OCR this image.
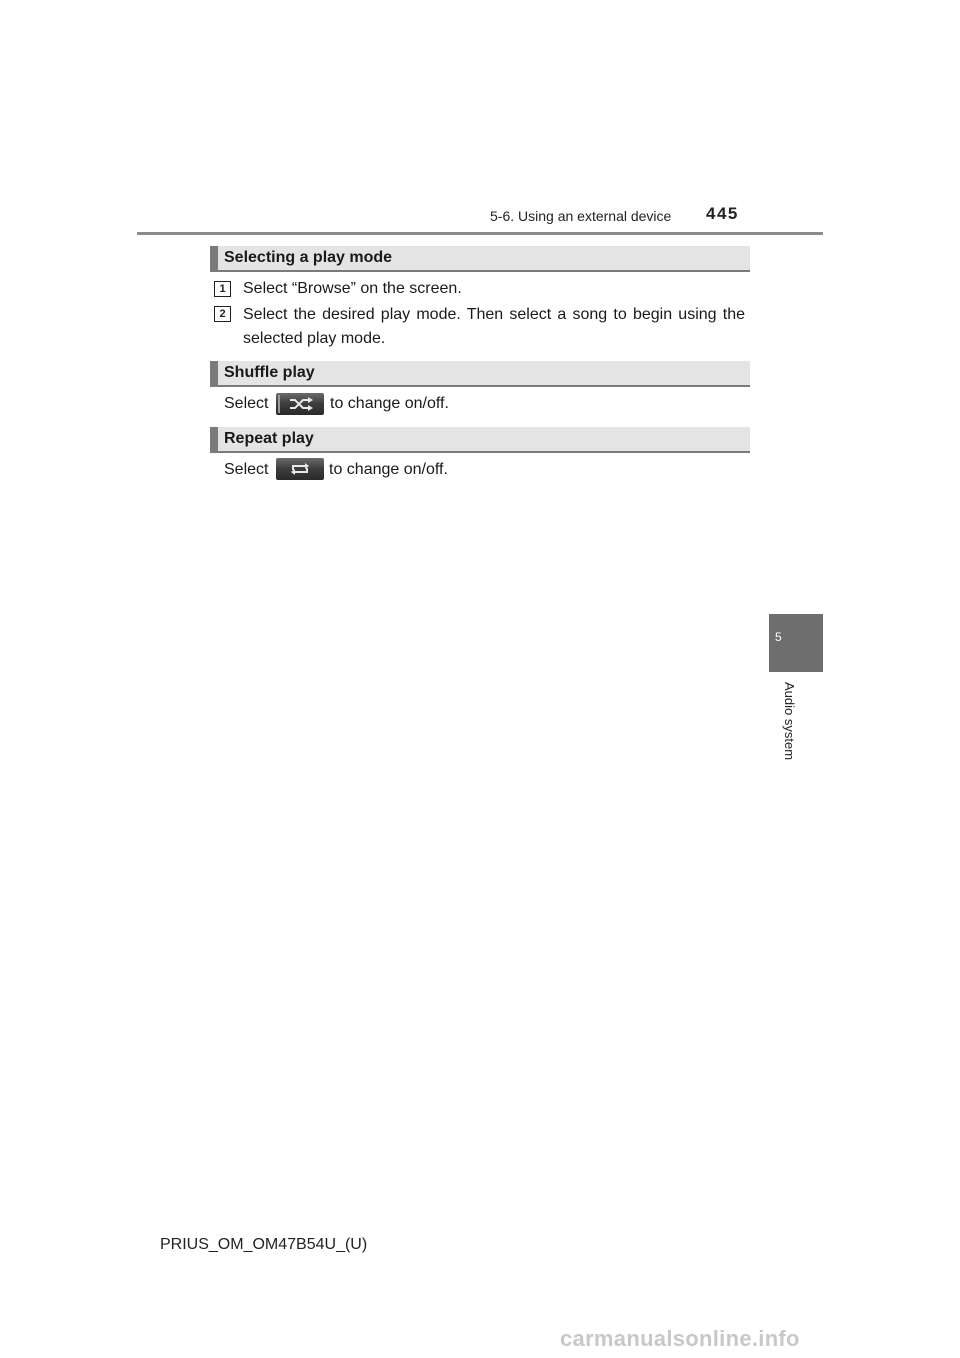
5-6. Using an external device 445
Selecting a play mode
1	Select “Browse” on the screen.
2	Select the desired play mode. Then select a song to begin using the selected play mode.
Shuffle play
Select	to change on/off.
Repeat play
Select	to change on/off.
5
Audio system
PRIUS_OM_OM47B54U_(U)
carmanualsonline.info
